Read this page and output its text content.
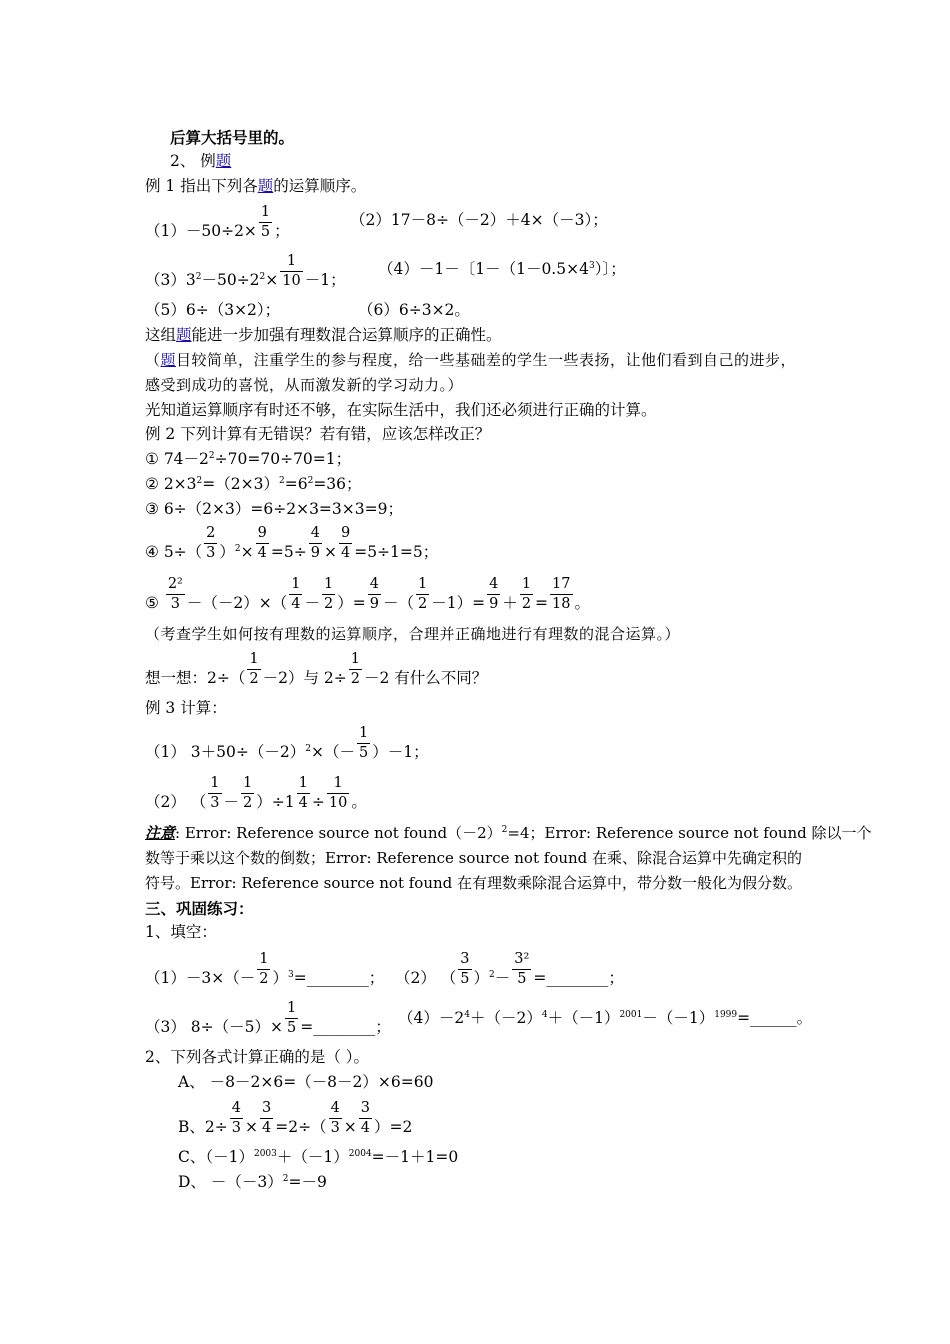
后算大括号里的。
2、 例题
例 1 指出下列各题的运算顺序。
$(1)-50\div 2\times \frac{1}{5}$ ；
（2）17－8÷（－2）＋4×（－3）；
$(3)3^2-50\div 2^2\times \frac{1}{10} -1$；
（4）－1－〔$1-(1-0.5\times 4^3)$〕；
（5）6÷（3×2）；	（6）6÷3×2。
这组题能进一步加强有理数混合运算顺序的正确性。
（题目较简单，注重学生的参与程度，给一些基础差的学生一些表扬，让他们看到自己的进步，
感受到成功的喜悦，从而激发新的学习动力。）
光知道运算顺序有时还不够，在实际生活中，我们还必须进行正确的计算。
例 2 下列计算有无错误？若有错，应该怎样改正？
① $74-2^2\div 70=70\div 70=1$；
② $2\times 3^2=(2\times 3)^2=6^2=36$；
③ 6÷（2×3）=6÷2×3=3×3=9；
④ $5\div( \frac{2}{3} )^2\times \frac{9}{4} =5\div \frac{4}{9} \times \frac{9}{4} =5\div 1=5$；
⑤ $\frac{\text{2²}}{3} -(-2)\times( \frac{1}{4} - \frac{1}{2}$ ）= $\frac{4}{9}$ －（ $\frac{1}{2} -1)= \frac{4}{9} + \frac{1}{2} = \frac{17}{18}$ 。
（考查学生如何按有理数的运算顺序，合理并正确地进行有理数的混合运算。）
想一想：$2\div( \frac{1}{2} -2)$与 $2\div \frac{1}{2} -2$ 有什么不同？
例 3 计算：
（1） $3+50\div(-2)^2\times(- \frac{1}{5} )-1$；
（2） （ $\frac{1}{3} - \frac{1}{2} )\div 1 \frac{1}{4} \div \frac{1}{10}$ 。
注意: Error: Reference source not $found(-2)^2=4$；Error: Reference source not found 除以一个
数等于乘以这个数的倒数；Error: Reference source not found 在乘、除混合运算中先确定积的
符号。Error: Reference source not found 在有理数乘除混合运算中，带分数一般化为假分数。
三、巩固练习：
1、填空：
$(1)-3\times(- \frac{1}{2}$ ）$^3=\_\_\_\_\_\_\_\_$； （2） （ $\frac{3}{5} )^2- \frac{\text{3²}}{5}$ =________；
（3） $8\div(-5)\times \frac{1}{5}$ =________； $(4)-2^4+(-2)^4+(-1)^{2001}-(-1)^{1999}=\_\_\_\_\_\_$。
2、下列各式计算正确的是（ ）。
A、 －8－2×6=（－8－2）×6=60
B、$2\div \frac{4}{3} \times \frac{3}{4} =2\div( \frac{4}{3} \times \frac{3}{4} )=2$
C、$(-1)^{2003}+(-1)^{2004}=-1+1=0$
D、 $-(-3)^2=-9$
